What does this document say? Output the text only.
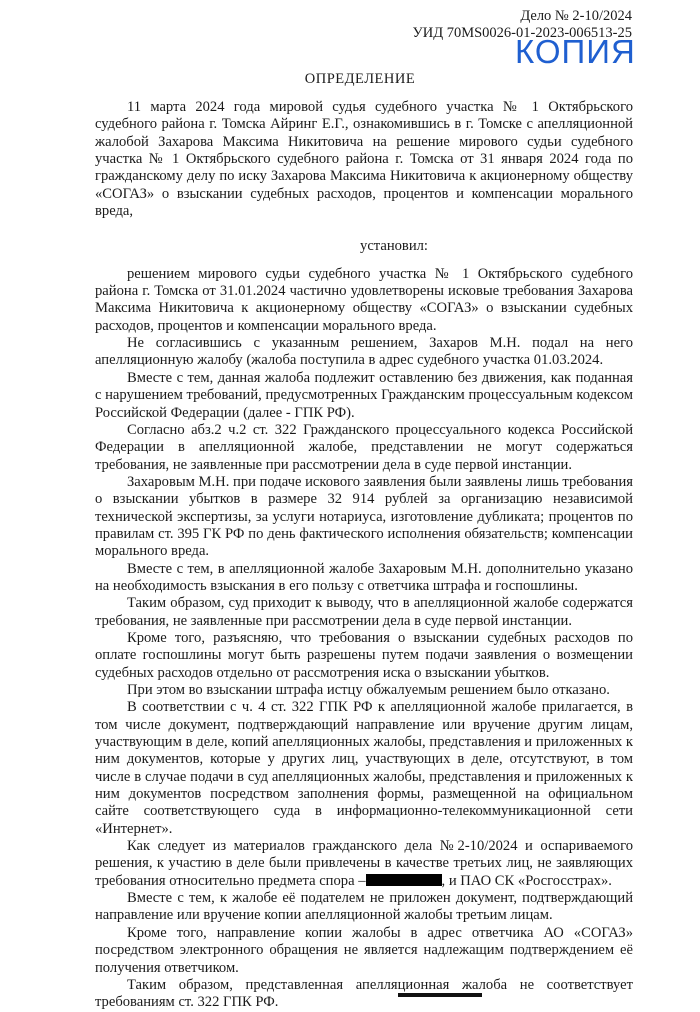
Дело № 2-10/2024
УИД 70MS0026-01-2023-006513-25
КОПИЯ
ОПРЕДЕЛЕНИЕ

11 марта 2024 года мировой судья судебного участка № 1 Октябрьского судебного района г. Томска Айринг Е.Г., ознакомившись в г. Томске с апелляционной жалобой Захарова Максима Никитовича на решение мирового судьи судебного участка № 1 Октябрьского судебного района г. Томска от 31 января 2024 года по гражданскому делу по иску Захарова Максима Никитовича к акционерному обществу «СОГАЗ» о взыскании судебных расходов, процентов и компенсации морального вреда,

установил:

решением мирового судьи судебного участка № 1 Октябрьского судебного района г. Томска от 31.01.2024 частично удовлетворены исковые требования Захарова Максима Никитовича к акционерному обществу «СОГАЗ» о взыскании судебных расходов, процентов и компенсации морального вреда.

Не согласившись с указанным решением, Захаров М.Н. подал на него апелляционную жалобу (жалоба поступила в адрес судебного участка 01.03.2024.

Вместе с тем, данная жалоба подлежит оставлению без движения, как поданная с нарушением требований, предусмотренных Гражданским процессуальным кодексом Российской Федерации (далее - ГПК РФ).

Согласно абз.2 ч.2 ст. 322 Гражданского процессуального кодекса Российской Федерации в апелляционной жалобе, представлении не могут содержаться требования, не заявленные при рассмотрении дела в суде первой инстанции.

Захаровым М.Н. при подаче искового заявления были заявлены лишь требования о взыскании убытков в размере 32 914 рублей за организацию независимой технической экспертизы, за услуги нотариуса, изготовление дубликата; процентов по правилам ст. 395 ГК РФ по день фактического исполнения обязательств; компенсации морального вреда.

Вместе с тем, в апелляционной жалобе Захаровым М.Н. дополнительно указано на необходимость взыскания в его пользу с ответчика штрафа и госпошлины.

Таким образом, суд приходит к выводу, что в апелляционной жалобе содержатся требования, не заявленные при рассмотрении дела в суде первой инстанции.

Кроме того, разъясняю, что требования о взыскании судебных расходов по оплате госпошлины могут быть разрешены путем подачи заявления о возмещении судебных расходов отдельно от рассмотрения иска о взыскании убытков.

При этом во взыскании штрафа истцу обжалуемым решением было отказано.

В соответствии с ч. 4 ст. 322 ГПК РФ к апелляционной жалобе прилагается, в том числе документ, подтверждающий направление или вручение другим лицам, участвующим в деле, копий апелляционных жалобы, представления и приложенных к ним документов, которые у других лиц, участвующих в деле, отсутствуют, в том числе в случае подачи в суд апелляционных жалобы, представления и приложенных к ним документов посредством заполнения формы, размещенной на официальном сайте соответствующего суда в информационно-телекоммуникационной сети «Интернет».

Как следует из материалов гражданского дела №2-10/2024 и оспариваемого решения, к участию в деле были привлечены в качестве третьих лиц, не заявляющих требования относительно предмета спора –	, и ПАО СК «Росгосстрах».

Вместе с тем, к жалобе её подателем не приложен документ, подтверждающий направление или вручение копии апелляционной жалобы третьим лицам.

Кроме того, направление копии жалобы в адрес ответчика АО «СОГАЗ» посредством электронного обращения не является надлежащим подтверждением её получения ответчиком.

Таким образом, представленная апелляционная жалоба не соответствует требованиям ст. 322 ГПК РФ.
